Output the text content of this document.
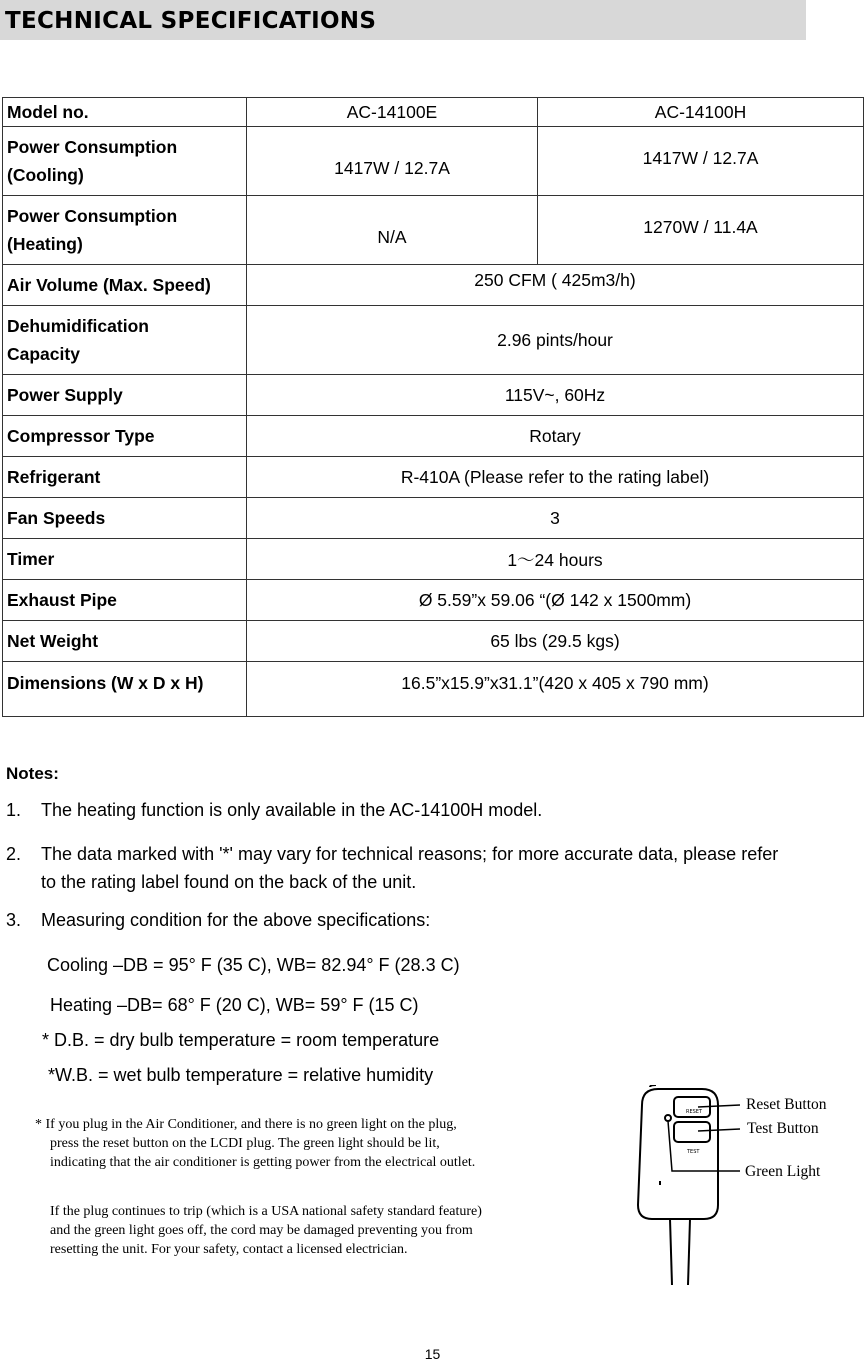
TECHNICAL SPECIFICATIONS
Model no.	AC-14100E	AC-14100H
Power Consumption
(Cooling)	1417W / 12.7A	1417W / 12.7A
Power Consumption
(Heating)	N/A	1270W / 11.4A
Air Volume (Max. Speed)	250 CFM ( 425m3/h)	
Dehumidification
Capacity	2.96 pints/hour	
Power Supply	115V~, 60Hz	
Compressor Type	Rotary	
Refrigerant	R-410A (Please refer to the rating label)	
Fan Speeds	3	
Timer	1～24 hours	
Exhaust Pipe	Ø 5.59”x 59.06 “(Ø 142 x 1500mm)	
Net Weight	65 lbs (29.5 kgs)	
Dimensions (W x D x H)	16.5”x15.9”x31.1”(420 x 405 x 790 mm)	
Notes:
1. The heating function is only available in the AC-14100H model.
2. The data marked with '*' may vary for technical reasons; for more accurate data, please refer
to the rating label found on the back of the unit.
3. Measuring condition for the above specifications:
Cooling –DB = 95° F (35 C), WB= 82.94° F (28.3 C)
Heating –DB= 68° F (20 C), WB= 59° F (15 C)
* D.B. = dry bulb temperature = room temperature
*W.B. = wet bulb temperature = relative humidity
* If you plug in the Air Conditioner, and there is no green light on the plug,
press the reset button on the LCDI plug. The green light should be lit,
indicating that the air conditioner is getting power from the electrical outlet.
If the plug continues to trip (which is a USA national safety standard feature)
and the green light goes off, the cord may be damaged preventing you from
resetting the unit. For your safety, contact a licensed electrician.
RESET
TEST
Reset Button
Test Button
Green Light
15
